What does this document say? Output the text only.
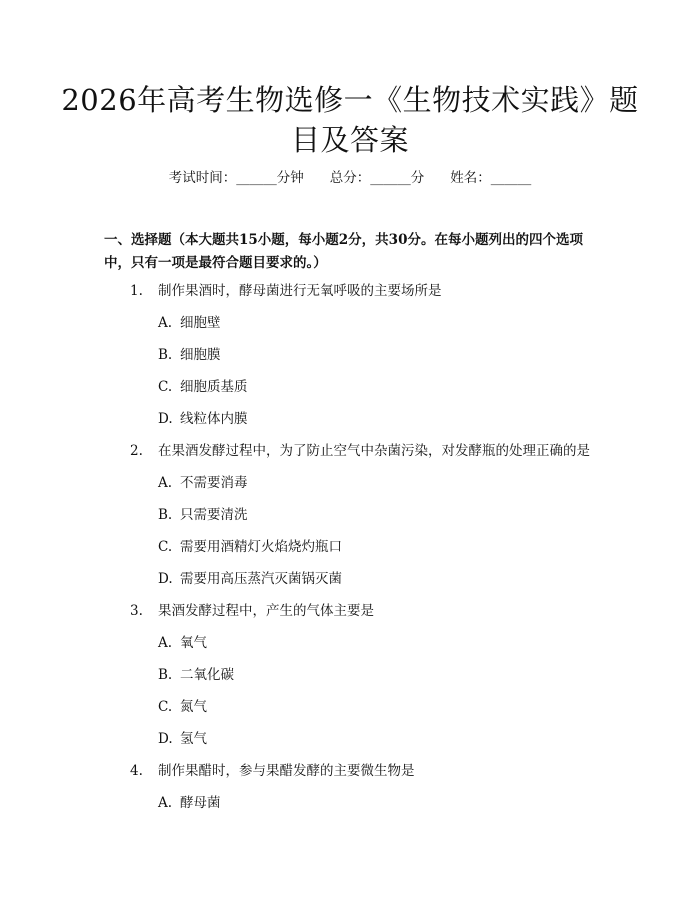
2026年高考生物选修一《生物技术实践》题目及答案
考试时间：______分钟 总分：______分 姓名：______
一、选择题（本大题共15小题，每小题2分，共30分。在每小题列出的四个选项中，只有一项是最符合题目要求的。）
1. 制作果酒时，酵母菌进行无氧呼吸的主要场所是
A. 细胞壁
B. 细胞膜
C. 细胞质基质
D. 线粒体内膜
2. 在果酒发酵过程中，为了防止空气中杂菌污染，对发酵瓶的处理正确的是
A. 不需要消毒
B. 只需要清洗
C. 需要用酒精灯火焰烧灼瓶口
D. 需要用高压蒸汽灭菌锅灭菌
3. 果酒发酵过程中，产生的气体主要是
A. 氧气
B. 二氧化碳
C. 氮气
D. 氢气
4. 制作果醋时，参与果醋发酵的主要微生物是
A. 酵母菌
